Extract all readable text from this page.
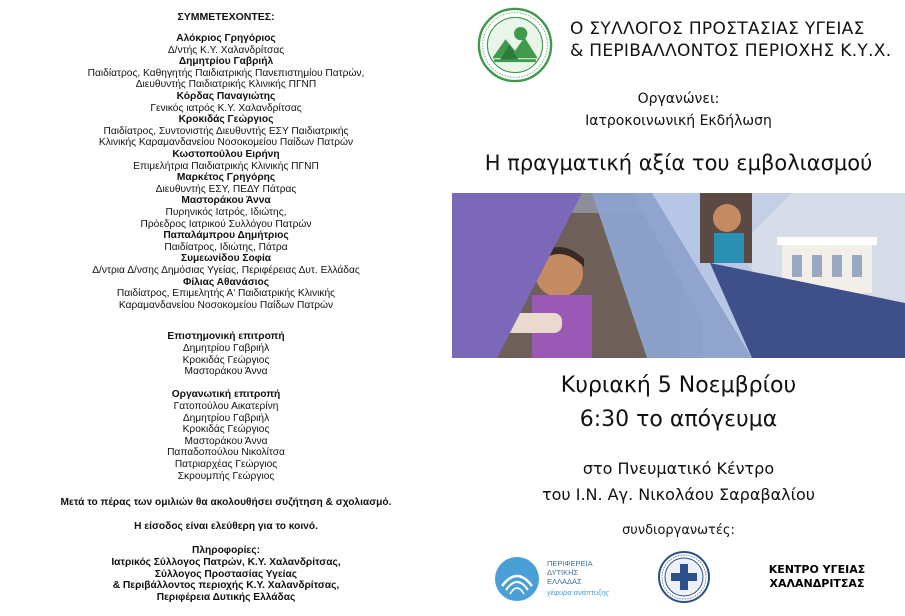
ΣΥΜΜΕΤΕΧΟΝΤΕΣ:
Αλόκριος Γρηγόριος
Δ/ντής Κ.Υ. Χαλανδρίτσας
Δημητρίου Γαβριήλ
Παιδίατρος, Καθηγητής Παιδιατρικής Πανεπιστημίου Πατρών,
Διευθυντής Παιδιατρικής Κλινικής ΠΓΝΠ
Κόρδας Παναγιώτης
Γενικός ιατρός Κ.Υ. Χαλανδρίτσας
Κροκιδάς Γεώργιος
Παιδίατρος, Συντονιστής Διευθυντής ΕΣΥ Παιδιατρικής
Κλινικής Καραμανδανείου Νοσοκομείου Παίδων Πατρών
Κωστοπούλου Ειρήνη
Επιμελήτρια Παιδιατρικής Κλινικής ΠΓΝΠ
Μαρκέτος Γρηγόρης
Διευθυντής ΕΣΥ, ΠΕΔΥ Πάτρας
Μαστοράκου Άννα
Πυρηνικός Ιατρός, Ιδιώτης,
Πρόεδρος Ιατρικού Συλλόγου Πατρών
Παπαλάμπρου Δημήτριος
Παιδίατρος, Ιδιώτης, Πάτρα
Συμεωνίδου Σοφία
Δ/ντρια Δ/νσης Δημόσιας Υγείας, Περιφέρειας Δυτ. Ελλάδας
Φίλιας Αθανάσιος
Παιδίατρος, Επιμελητής Α' Παιδιατρικής Κλινικής
Καραμανδανείου Νοσοκομείου Παίδων Πατρών
Επιστημονική επιτροπή
Δημητρίου Γαβριήλ
Κροκιδάς Γεώργιος
Μαστοράκου Άννα
Οργανωτική επιτροπή
Γατοπούλου Αικατερίνη
Δημητρίου Γαβριήλ
Κροκιδάς Γεώργιος
Μαστοράκου Άννα
Παπαδοπούλου Νικολίτσα
Πατριαρχέας Γεώργιος
Σκρουμπής Γεώργιος
Μετά το πέρας των ομιλιών θα ακολουθήσει συζήτηση & σχολιασμό.
Η είσοδος είναι ελεύθερη για το κοινό.
Πληροφορίες:
Ιατρικός Σύλλογος Πατρών, Κ.Υ. Χαλανδρίτσας,
Σύλλογος Προστασίας Υγείας
& Περιβάλλοντος περιοχής Κ.Υ. Χαλανδρίτσας,
Περιφέρεια Δυτικής Ελλάδας
Ο ΣΥΛΛΟΓΟΣ ΠΡΟΣΤΑΣΙΑΣ ΥΓΕΙΑΣ
& ΠΕΡΙΒΑΛΛΟΝΤΟΣ ΠΕΡΙΟΧΗΣ Κ.Υ.Χ.
Οργανώνει:
Ιατροκοινωνική Εκδήλωση
Η πραγματική αξία του εμβολιασμού
Κυριακή 5 Νοεμβρίου
6:30 το απόγευμα
στο Πνευματικό Κέντρο
του Ι.Ν. Αγ. Νικολάου Σαραβαλίου
συνδιοργανωτές:
ΠΕΡΙΦΕΡΕΙΑ
ΔΥΤΙΚΗΣ
ΕΛΛΑΔΑΣ
γέφυρα ανάπτυξης
ΚΕΝΤΡΟ ΥΓΕΙΑΣ
ΧΑΛΑΝΔΡΙΤΣΑΣ
